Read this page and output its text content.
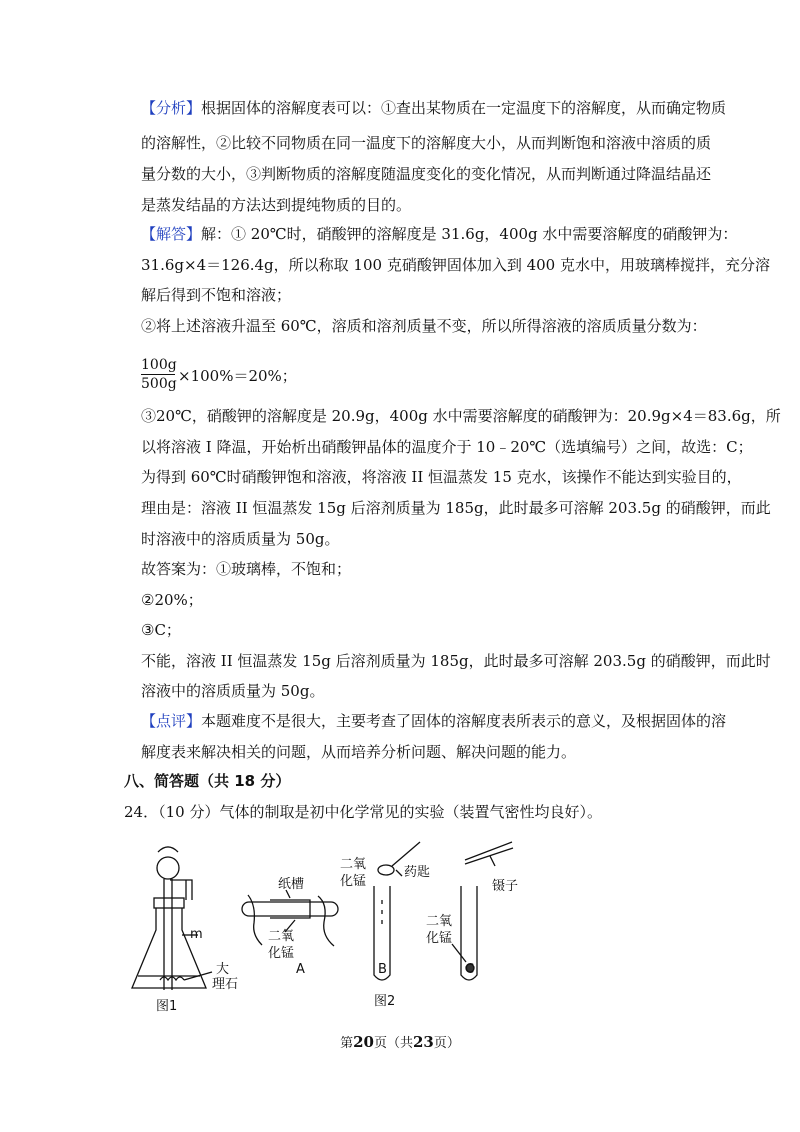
【分析】根据固体的溶解度表可以：①查出某物质在一定温度下的溶解度，从而确定物质
的溶解性，②比较不同物质在同一温度下的溶解度大小，从而判断饱和溶液中溶质的质
量分数的大小，③判断物质的溶解度随温度变化的变化情况，从而判断通过降温结晶还
是蒸发结晶的方法达到提纯物质的目的。
【解答】解：① 20℃时，硝酸钾的溶解度是 31.6g，400g 水中需要溶解度的硝酸钾为：
31.6g×4＝126.4g，所以称取 100 克硝酸钾固体加入到 400 克水中，用玻璃棒搅拌，充分溶
解后得到不饱和溶液；
②将上述溶液升温至 60℃，溶质和溶剂质量不变，所以所得溶液的溶质质量分数为：
100g
500g ×100%＝20%；
③20℃，硝酸钾的溶解度是 20.9g，400g 水中需要溶解度的硝酸钾为：20.9g×4＝83.6g，所
以将溶液 I 降温，开始析出硝酸钾晶体的温度介于 10﹣20℃（选填编号）之间，故选：C；
为得到 60℃时硝酸钾饱和溶液，将溶液 II 恒温蒸发 15 克水，该操作不能达到实验目的，
理由是：溶液 II 恒温蒸发 15g 后溶剂质量为 185g，此时最多可溶解 203.5g 的硝酸钾，而此
时溶液中的溶质质量为 50g。
故答案为：①玻璃棒，不饱和；
②20%；
③C；
不能，溶液 II 恒温蒸发 15g 后溶剂质量为 185g，此时最多可溶解 203.5g 的硝酸钾，而此时
溶液中的溶质质量为 50g。
【点评】本题难度不是很大，主要考查了固体的溶解度表所表示的意义，及根据固体的溶
解度表来解决相关的问题，从而培养分析问题、解决问题的能力。
八、简答题（共 18 分）
24．（10 分）气体的制取是初中化学常见的实验（装置气密性均良好）。
m
大
理石
图1
纸槽
二氧
化锰
A
二氧
化锰
药匙
B
图2
镊子
二氧
化锰
C
第20页（共23页）
